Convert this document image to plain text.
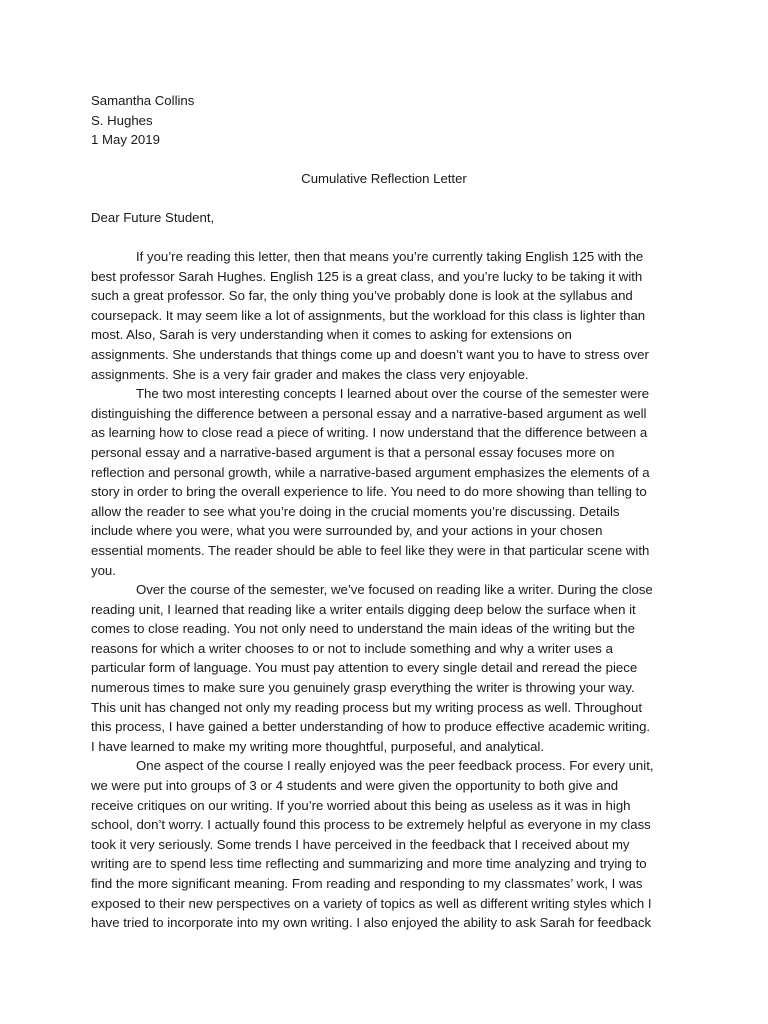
Samantha Collins
S. Hughes
1 May 2019
Cumulative Reflection Letter
Dear Future Student,
If you’re reading this letter, then that means you’re currently taking English 125 with the
best professor Sarah Hughes. English 125 is a great class, and you’re lucky to be taking it with
such a great professor. So far, the only thing you’ve probably done is look at the syllabus and
coursepack. It may seem like a lot of assignments, but the workload for this class is lighter than
most. Also, Sarah is very understanding when it comes to asking for extensions on
assignments. She understands that things come up and doesn’t want you to have to stress over
assignments. She is a very fair grader and makes the class very enjoyable.
The two most interesting concepts I learned about over the course of the semester were
distinguishing the difference between a personal essay and a narrative-based argument as well
as learning how to close read a piece of writing. I now understand that the difference between a
personal essay and a narrative-based argument is that a personal essay focuses more on
reflection and personal growth, while a narrative-based argument emphasizes the elements of a
story in order to bring the overall experience to life. You need to do more showing than telling to
allow the reader to see what you’re doing in the crucial moments you’re discussing. Details
include where you were, what you were surrounded by, and your actions in your chosen
essential moments. The reader should be able to feel like they were in that particular scene with
you.
Over the course of the semester, we’ve focused on reading like a writer. During the close
reading unit, I learned that reading like a writer entails digging deep below the surface when it
comes to close reading. You not only need to understand the main ideas of the writing but the
reasons for which a writer chooses to or not to include something and why a writer uses a
particular form of language. You must pay attention to every single detail and reread the piece
numerous times to make sure you genuinely grasp everything the writer is throwing your way.
This unit has changed not only my reading process but my writing process as well. Throughout
this process, I have gained a better understanding of how to produce effective academic writing.
I have learned to make my writing more thoughtful, purposeful, and analytical.
One aspect of the course I really enjoyed was the peer feedback process. For every unit,
we were put into groups of 3 or 4 students and were given the opportunity to both give and
receive critiques on our writing. If you’re worried about this being as useless as it was in high
school, don’t worry. I actually found this process to be extremely helpful as everyone in my class
took it very seriously. Some trends I have perceived in the feedback that I received about my
writing are to spend less time reflecting and summarizing and more time analyzing and trying to
find the more significant meaning. From reading and responding to my classmates’ work, I was
exposed to their new perspectives on a variety of topics as well as different writing styles which I
have tried to incorporate into my own writing. I also enjoyed the ability to ask Sarah for feedback
